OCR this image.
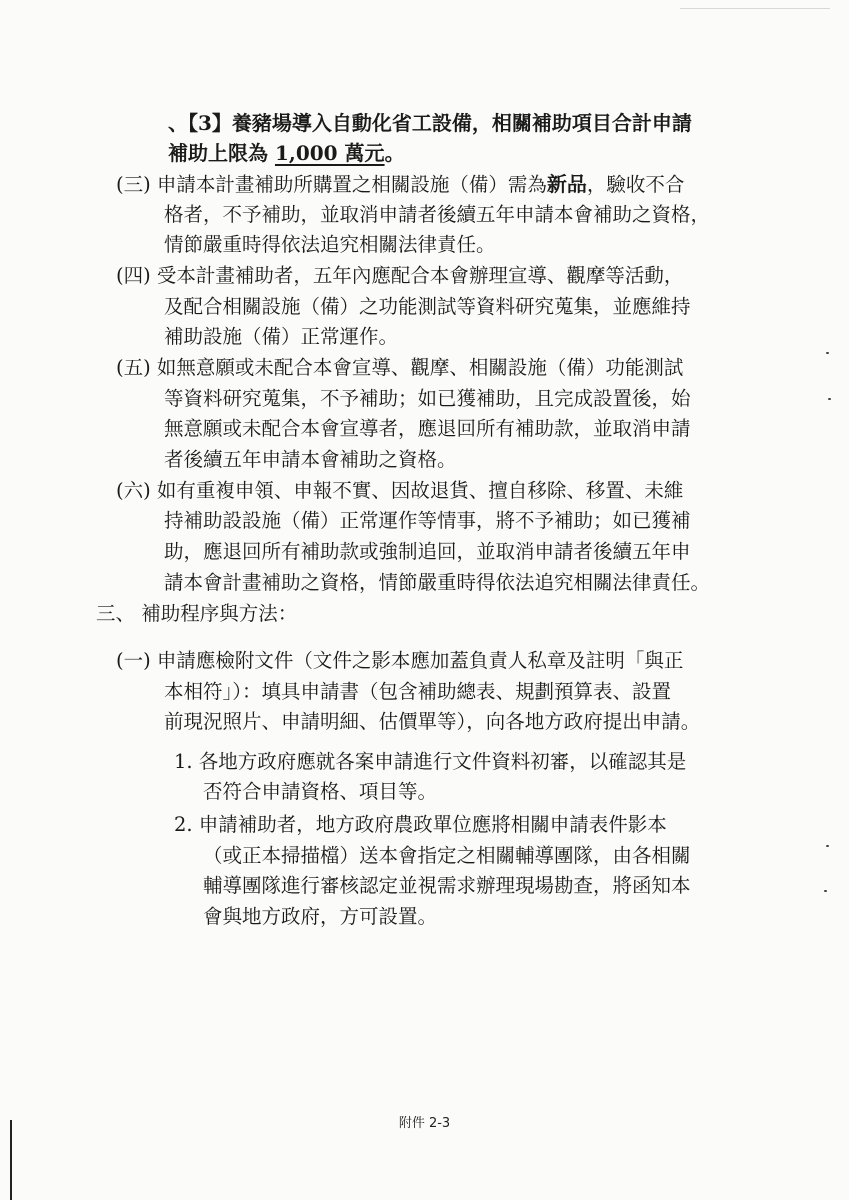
、【3】養豬場導入自動化省工設備，相關補助項目合計申請
補助上限為 1,000 萬元。
(三) 申請本計畫補助所購置之相關設施（備）需為新品，驗收不合
格者，不予補助，並取消申請者後續五年申請本會補助之資格，
情節嚴重時得依法追究相關法律責任。
(四) 受本計畫補助者，五年內應配合本會辦理宣導、觀摩等活動，
及配合相關設施（備）之功能測試等資料研究蒐集，並應維持
補助設施（備）正常運作。
(五) 如無意願或未配合本會宣導、觀摩、相關設施（備）功能測試
等資料研究蒐集，不予補助；如已獲補助，且完成設置後，始
無意願或未配合本會宣導者，應退回所有補助款，並取消申請
者後續五年申請本會補助之資格。
(六) 如有重複申領、申報不實、因故退貨、擅自移除、移置、未維
持補助設設施（備）正常運作等情事，將不予補助；如已獲補
助，應退回所有補助款或強制追回，並取消申請者後續五年申
請本會計畫補助之資格，情節嚴重時得依法追究相關法律責任。
三、 補助程序與方法：
(一) 申請應檢附文件（文件之影本應加蓋負責人私章及註明「與正
本相符」）：填具申請書（包含補助總表、規劃預算表、設置
前現況照片、申請明細、估價單等），向各地方政府提出申請。
1. 各地方政府應就各案申請進行文件資料初審，以確認其是
否符合申請資格、項目等。
2. 申請補助者，地方政府農政單位應將相關申請表件影本
（或正本掃描檔）送本會指定之相關輔導團隊，由各相關
輔導團隊進行審核認定並視需求辦理現場勘查，將函知本
會與地方政府，方可設置。
附件 2-3
